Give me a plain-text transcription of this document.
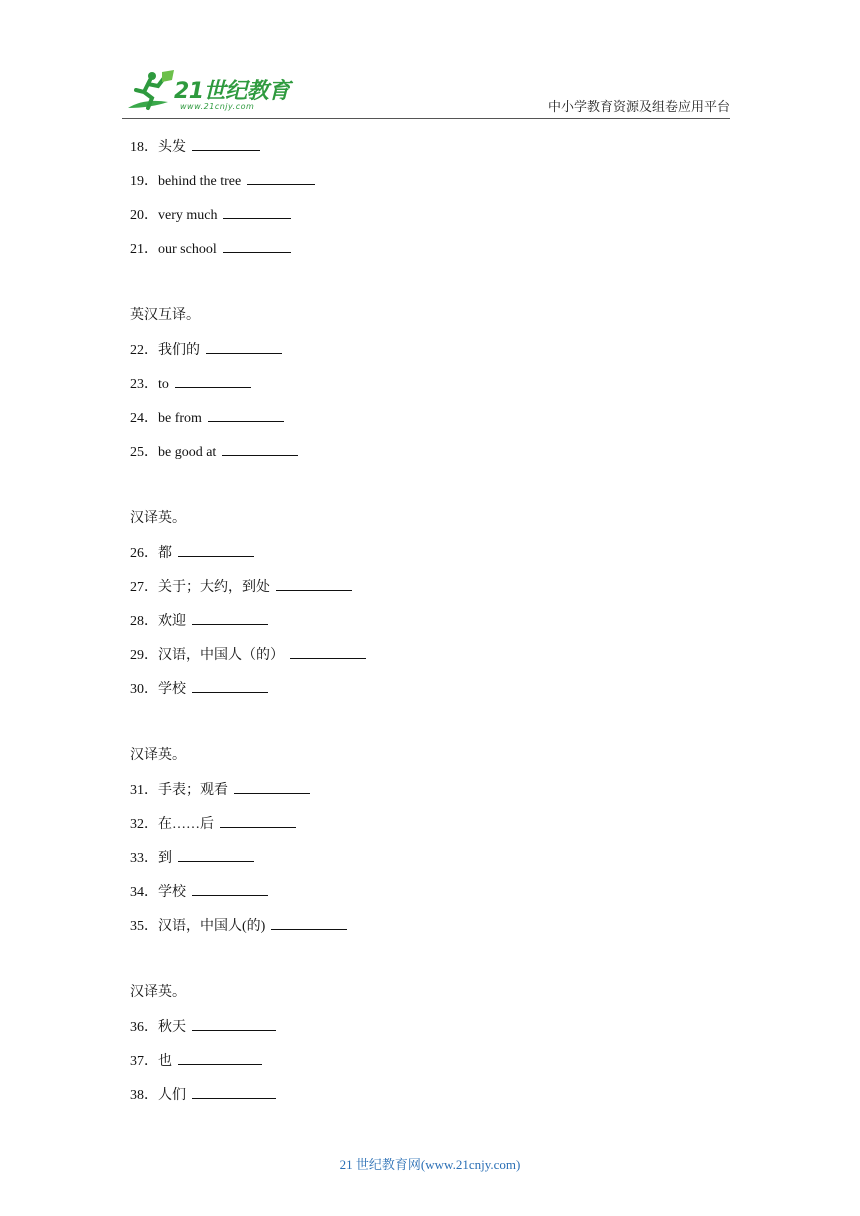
21世纪教育
www.21cnjy.com	中小学教育资源及组卷应用平台
18．头发
19．behind the tree
20．very much
21．our school
英汉互译。
22．我们的
23．to
24．be from
25．be good at
汉译英。
26．都
27．关于；大约，到处
28．欢迎
29．汉语，中国人（的）
30．学校
汉译英。
31．手表；观看
32．在……后
33．到
34．学校
35．汉语，中国人(的)
汉译英。
36．秋天
37．也
38．人们
21 世纪教育网(www.21cnjy.com)
